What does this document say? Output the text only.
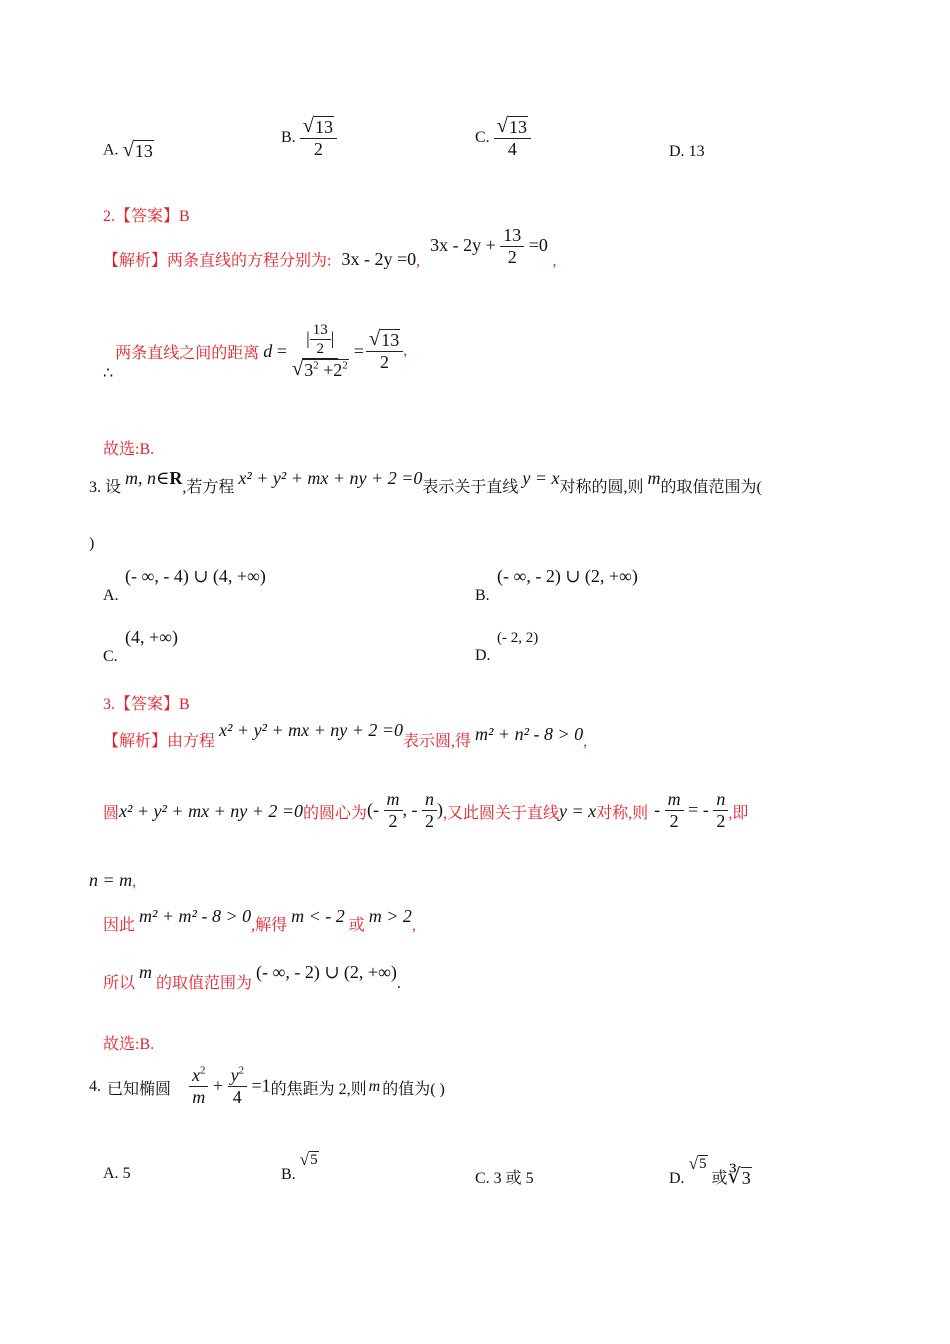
A. √ 13
B. $\frac{√ 13}{2}$	C. $\frac{√ 13}{4}$	D. 13
2.【答案】B
【解析】两条直线的方程分别为: 3x - 2y =0, $3x - 2y + \frac{13}{2} =0$ ,
∴
两条直线之间的距离 $d = \frac{| \frac{13}{2} |}{√ 3^2 +2^2} = \frac{√ 13}{2}$ ,
故选:B.
3. 设 m, n∈R,若方程 x² + y² + mx + ny + 2 =0表示关于直线 y = x对称的圆,则 m的取值范围为(
)
(- ∞, - 4) ∪ (4, +∞)
A.
(- ∞, - 2) ∪ (2, +∞)
B.
(4, +∞)
C.
(- 2, 2)
D.
3.【答案】B
【解析】由方程 x² + y² + mx + ny + 2 =0表示圆,得 m² + n² - 8 > 0,
圆 x² + y² + mx + ny + 2 =0 的圆心为 (- $\frac{m}{2}$ , - $\frac{n}{2}$ ) ,又此圆关于直线 y = x 对称,则 - $\frac{m}{2}$ = - $\frac{n}{2}$ ,即
n = m,
因此 m² + m² - 8 > 0,解得 m < - 2 或 m > 2,
所以 m 的取值范围为 (- ∞, - 2) ∪ (2, +∞).
故选:B.
4. 已知椭圆 $\frac{x^2}{m} + \frac{y^2}{4} =1$ 的焦距为 2,则 m 的值为( )
A. 5	B.
√ 5
C. 3 或 5	D.
√ 5
或 ∛ 3
